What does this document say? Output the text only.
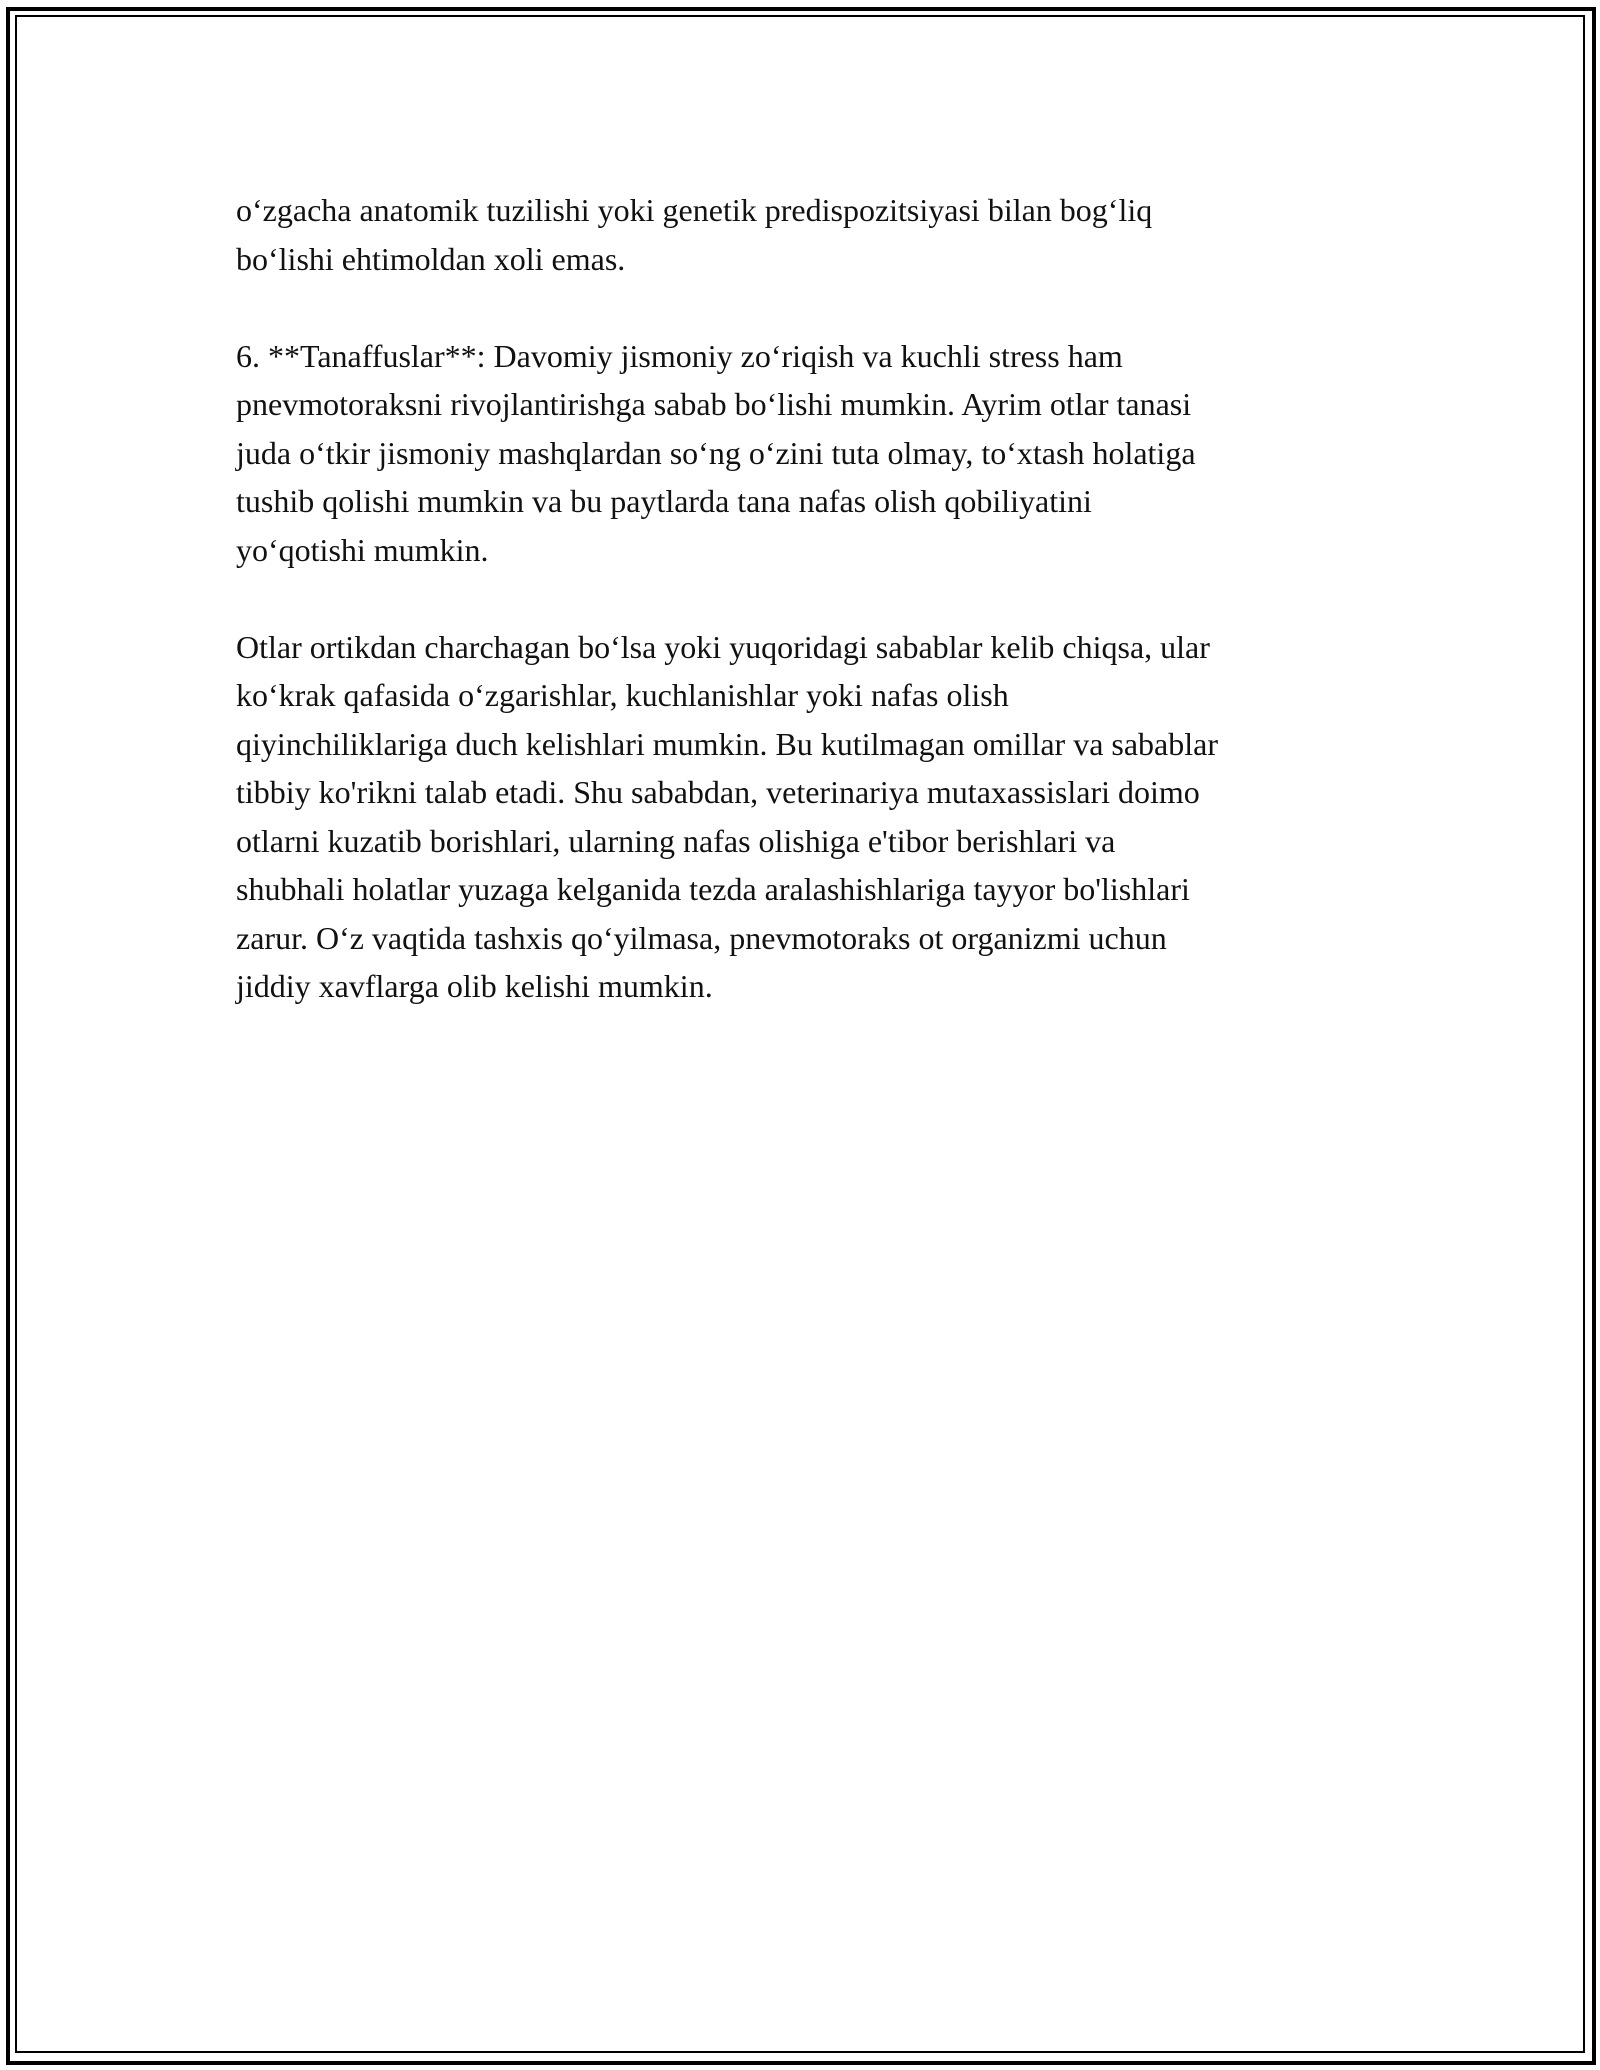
o‘zgacha anatomik tuzilishi yoki genetik predispozitsiyasi bilan bog‘liq
bo‘lishi ehtimoldan xoli emas.

6. **Tanaffuslar**: Davomiy jismoniy zo‘riqish va kuchli stress ham
pnevmotoraksni rivojlantirishga sabab bo‘lishi mumkin. Ayrim otlar tanasi
juda o‘tkir jismoniy mashqlardan so‘ng o‘zini tuta olmay, to‘xtash holatiga
tushib qolishi mumkin va bu paytlarda tana nafas olish qobiliyatini
yo‘qotishi mumkin.

Otlar ortikdan charchagan bo‘lsa yoki yuqoridagi sabablar kelib chiqsa, ular
ko‘krak qafasida o‘zgarishlar, kuchlanishlar yoki nafas olish
qiyinchiliklariga duch kelishlari mumkin. Bu kutilmagan omillar va sabablar
tibbiy ko'rikni talab etadi. Shu sababdan, veterinariya mutaxassislari doimo
otlarni kuzatib borishlari, ularning nafas olishiga e'tibor berishlari va
shubhali holatlar yuzaga kelganida tezda aralashishlariga tayyor bo'lishlari
zarur. O‘z vaqtida tashxis qo‘yilmasa, pnevmotoraks ot organizmi uchun
jiddiy xavflarga olib kelishi mumkin.
